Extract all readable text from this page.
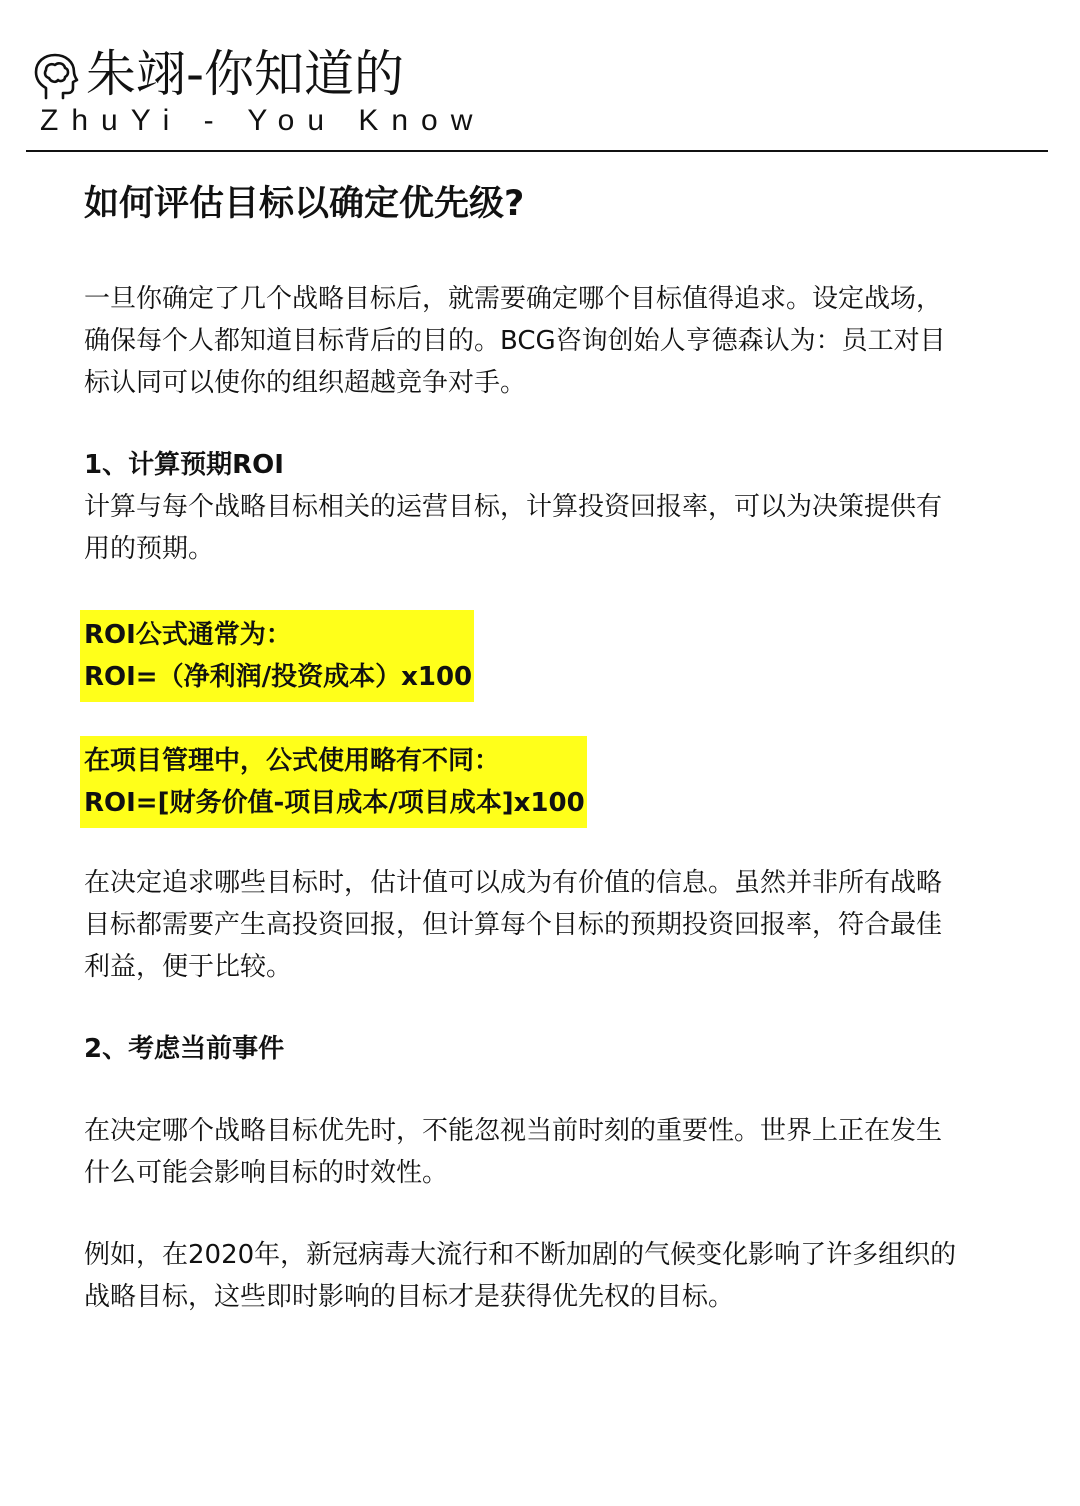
朱翊-你知道的
ZhuYi - You Know
如何评估目标以确定优先级?

一旦你确定了几个战略目标后，就需要确定哪个目标值得追求。设定战场，

确保每个人都知道目标背后的目的。BCG咨询创始人亨德森认为：员工对目

标认同可以使你的组织超越竞争对手。

1、计算预期ROI

计算与每个战略目标相关的运营目标，计算投资回报率，可以为决策提供有

用的预期。

ROI公式通常为：
ROI=（净利润/投资成本）x100
在项目管理中，公式使用略有不同：
ROI=[财务价值-项目成本/项目成本]x100

在决定追求哪些目标时，估计值可以成为有价值的信息。虽然并非所有战略

目标都需要产生高投资回报，但计算每个目标的预期投资回报率，符合最佳

利益，便于比较。

2、考虑当前事件

在决定哪个战略目标优先时，不能忽视当前时刻的重要性。世界上正在发生

什么可能会影响目标的时效性。

例如，在2020年，新冠病毒大流行和不断加剧的气候变化影响了许多组织的

战略目标，这些即时影响的目标才是获得优先权的目标。
